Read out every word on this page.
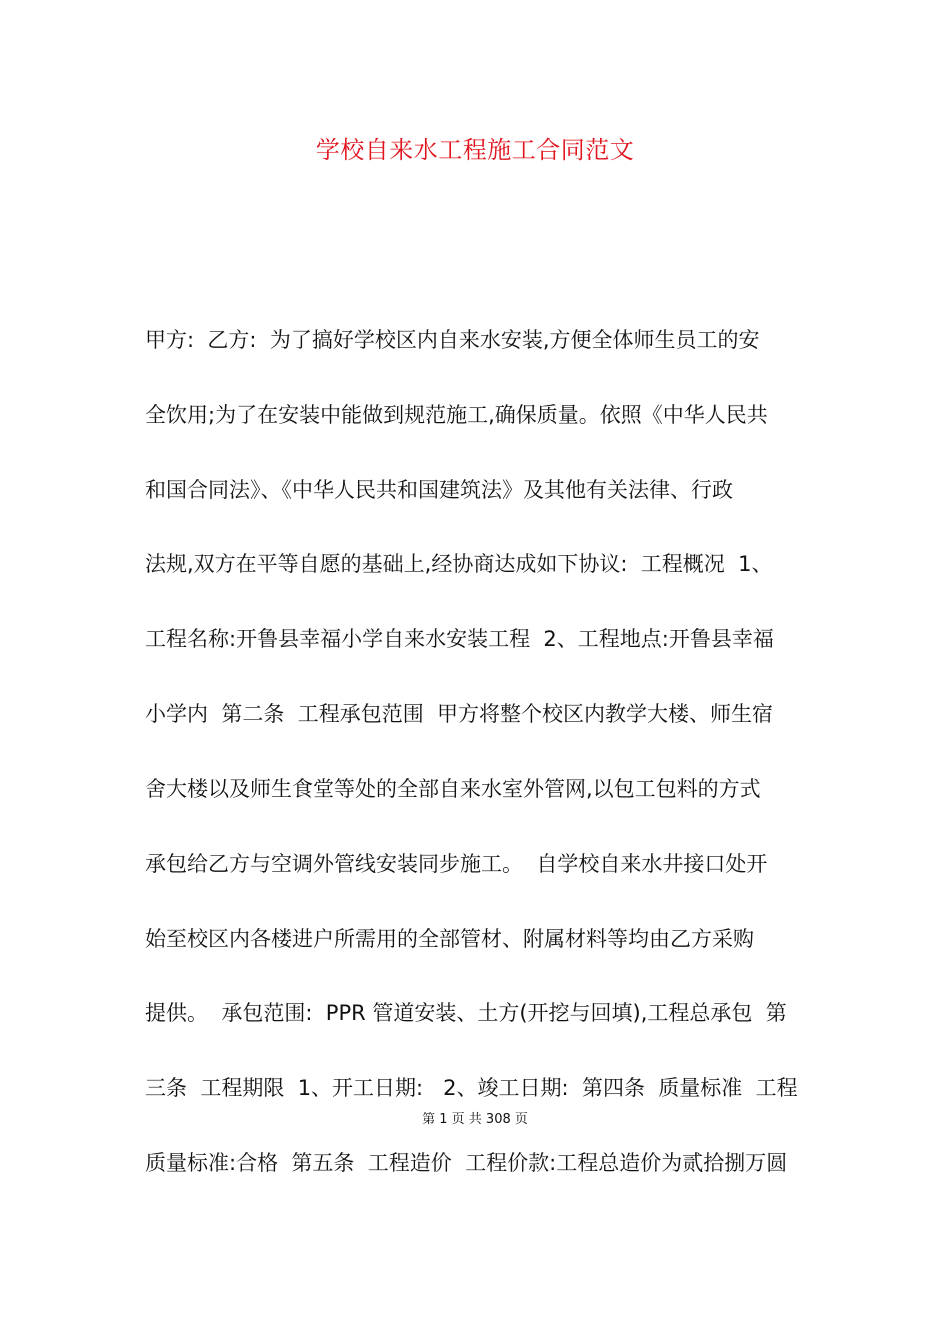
学校自来水工程施工合同范文
甲方:  乙方:  为了搞好学校区内自来水安装,方便全体师生员工的安
全饮用;为了在安装中能做到规范施工,确保质量。依照《中华人民共
和国合同法》、《中华人民共和国建筑法》及其他有关法律、行政
法规,双方在平等自愿的基础上,经协商达成如下协议:  工程概况  1、
工程名称:开鲁县幸福小学自来水安装工程  2、工程地点:开鲁县幸福
小学内  第二条  工程承包范围  甲方将整个校区内教学大楼、师生宿
舍大楼以及师生食堂等处的全部自来水室外管网,以包工包料的方式
承包给乙方与空调外管线安装同步施工。  自学校自来水井接口处开
始至校区内各楼进户所需用的全部管材、附属材料等均由乙方采购
提供。  承包范围:  PPR 管道安装、土方(开挖与回填),工程总承包  第
三条  工程期限  1、开工日期:   2、竣工日期:  第四条  质量标准  工程
第 1 页 共 308 页
质量标准:合格  第五条  工程造价  工程价款:工程总造价为贰拾捌万圆
